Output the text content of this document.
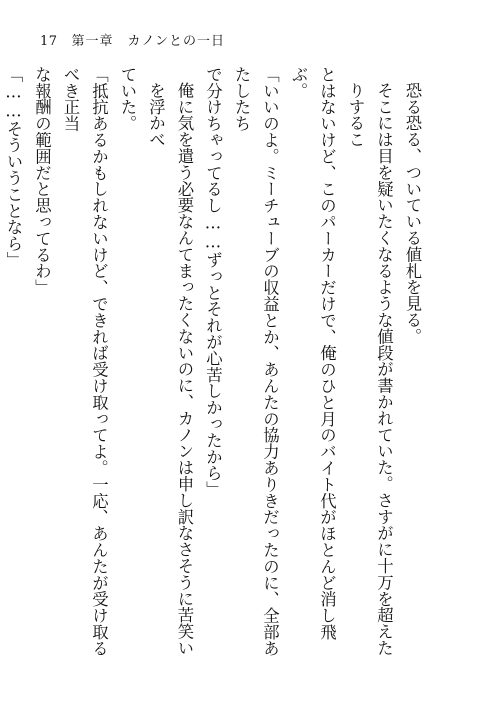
17 第一章　カノンとの一日

恐る恐る、ついている値札を見る。

そこには目を疑いたくなるような値段が書かれていた。さすがに十万を超えたりするこ

とはないけど、このパーカーだけで、俺のひと月のバイト代がほとんど消し飛ぶ。

「いいのよ。ミーチューブの収益とか、あんたの協力ありきだったのに、全部あたしたち

で分けちゃってるし……ずっとそれが心苦しかったから」

俺に気を遣う必要なんてまったくないのに、カノンは申し訳なさそうに苦笑いを浮かべ

ていた。

「抵抗あるかもしれないけど、できれば受け取ってよ。一応、あんたが受け取るべき正当

な報酬の範囲だと思ってるわ」

「……そういうことなら」
